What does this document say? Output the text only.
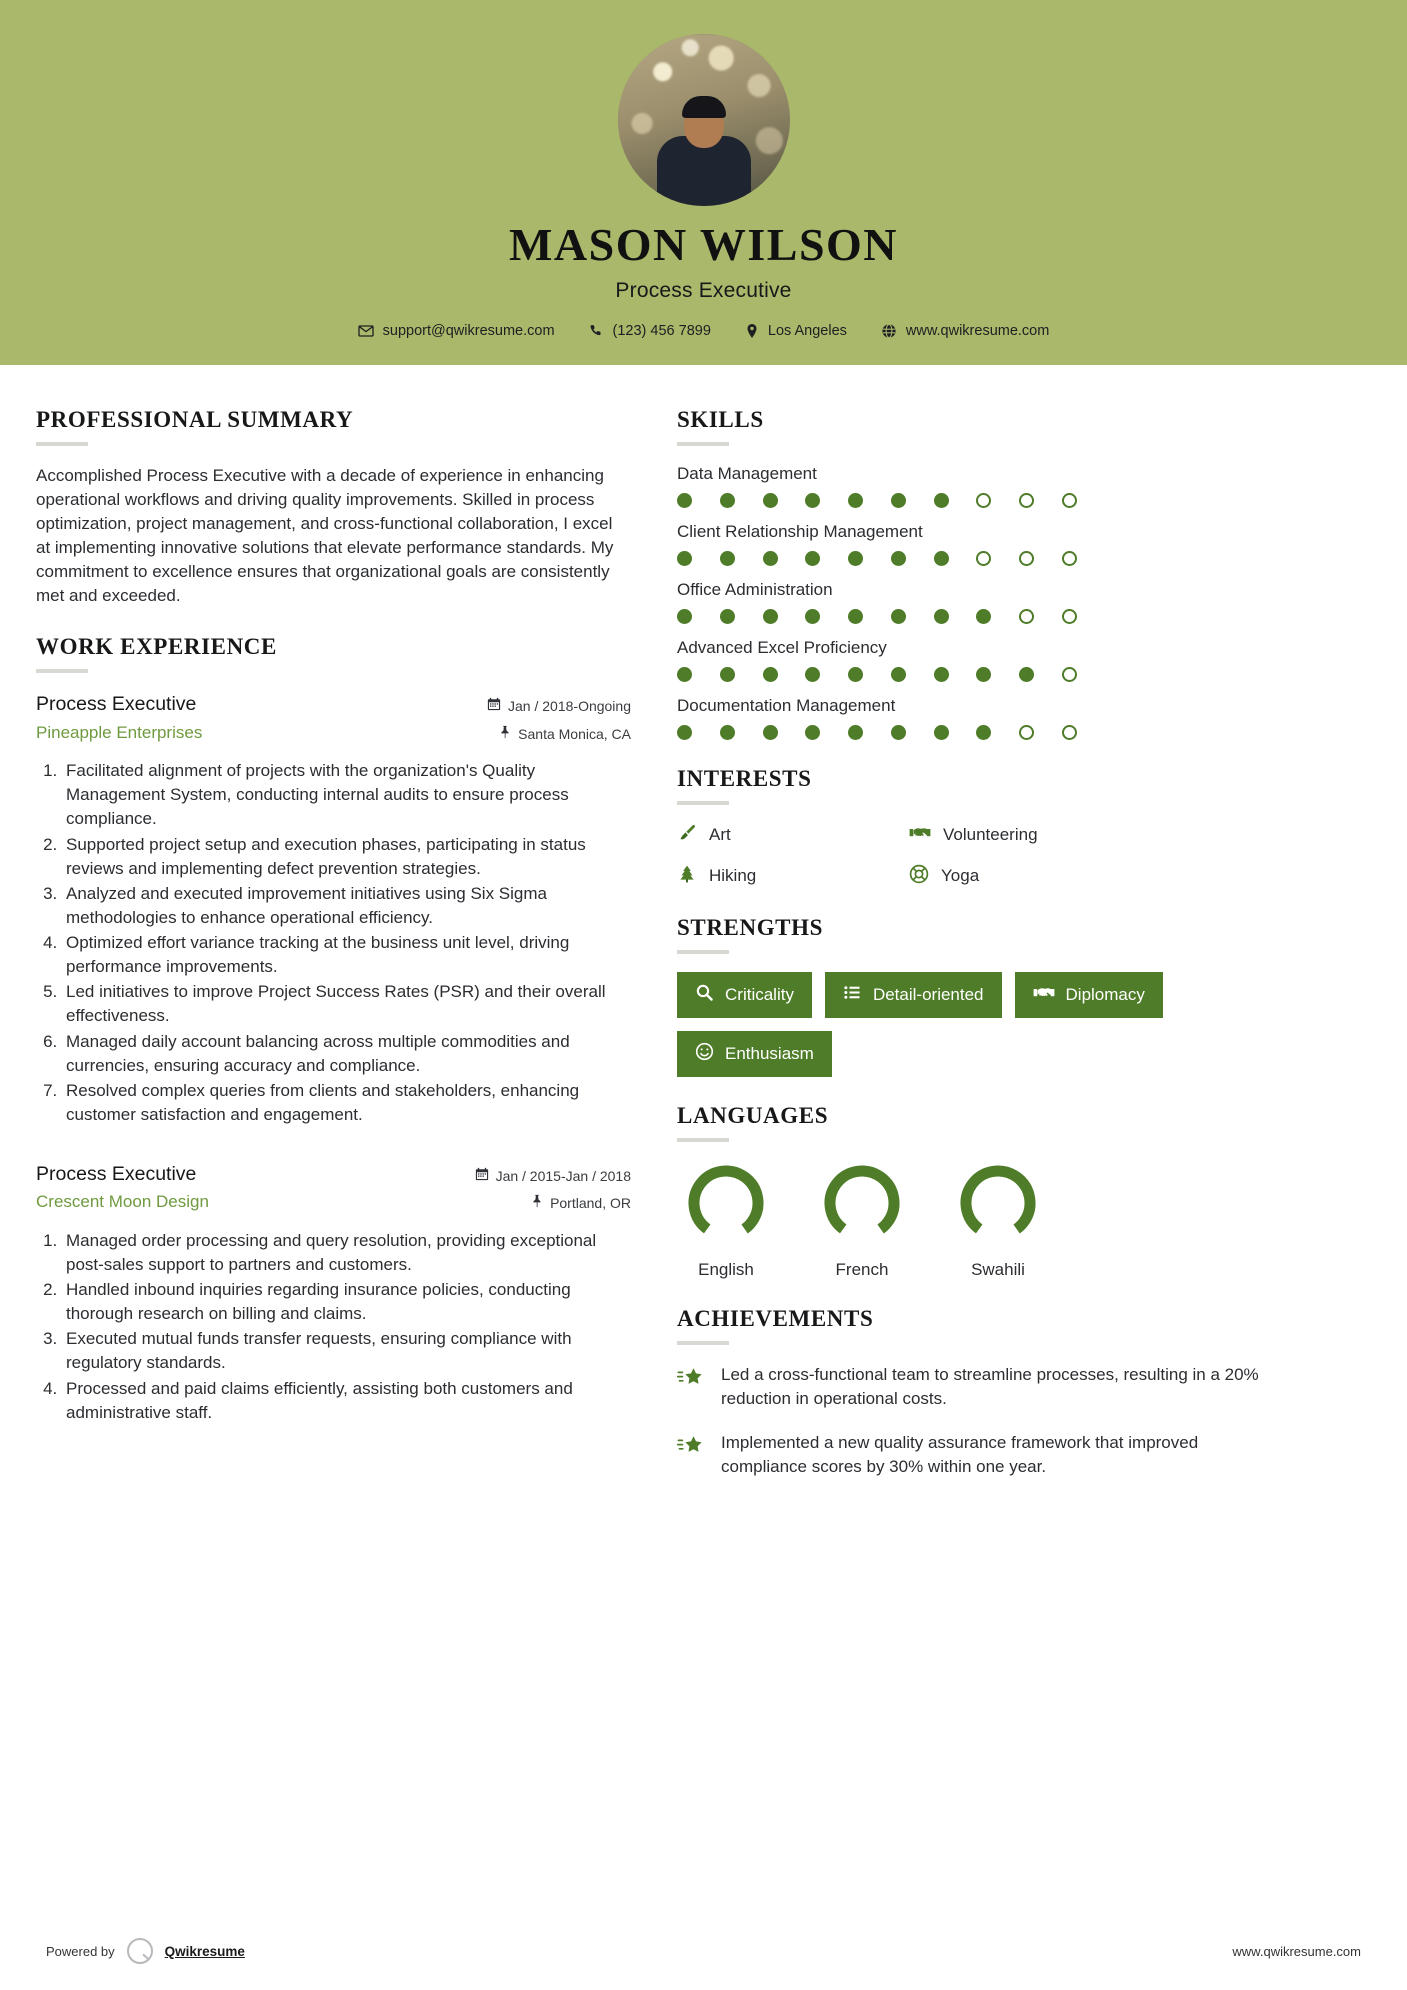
MASON WILSON
Process Executive
support@qwikresume.com	(123) 456 7899	Los Angeles	www.qwikresume.com
PROFESSIONAL SUMMARY
Accomplished Process Executive with a decade of experience in enhancing operational workflows and driving quality improvements. Skilled in process optimization, project management, and cross-functional collaboration, I excel at implementing innovative solutions that elevate performance standards. My commitment to excellence ensures that organizational goals are consistently met and exceeded.
WORK EXPERIENCE
Process Executive
Pineapple Enterprises
Jan / 2018-Ongoing
Santa Monica, CA
1. Facilitated alignment of projects with the organization's Quality Management System, conducting internal audits to ensure process compliance.
2. Supported project setup and execution phases, participating in status reviews and implementing defect prevention strategies.
3. Analyzed and executed improvement initiatives using Six Sigma methodologies to enhance operational efficiency.
4. Optimized effort variance tracking at the business unit level, driving performance improvements.
5. Led initiatives to improve Project Success Rates (PSR) and their overall effectiveness.
6. Managed daily account balancing across multiple commodities and currencies, ensuring accuracy and compliance.
7. Resolved complex queries from clients and stakeholders, enhancing customer satisfaction and engagement.
Process Executive
Crescent Moon Design
Jan / 2015-Jan / 2018
Portland, OR
1. Managed order processing and query resolution, providing exceptional post-sales support to partners and customers.
2. Handled inbound inquiries regarding insurance policies, conducting thorough research on billing and claims.
3. Executed mutual funds transfer requests, ensuring compliance with regulatory standards.
4. Processed and paid claims efficiently, assisting both customers and administrative staff.
SKILLS
Data Management
Client Relationship Management
Office Administration
Advanced Excel Proficiency
Documentation Management
INTERESTS
Art	Volunteering
Hiking	Yoga
STRENGTHS
Criticality	Detail-oriented	Diplomacy
Enthusiasm
LANGUAGES
English	French	Swahili
ACHIEVEMENTS
Led a cross-functional team to streamline processes, resulting in a 20% reduction in operational costs.
Implemented a new quality assurance framework that improved compliance scores by 30% within one year.
Powered by	Qwikresume	www.qwikresume.com
